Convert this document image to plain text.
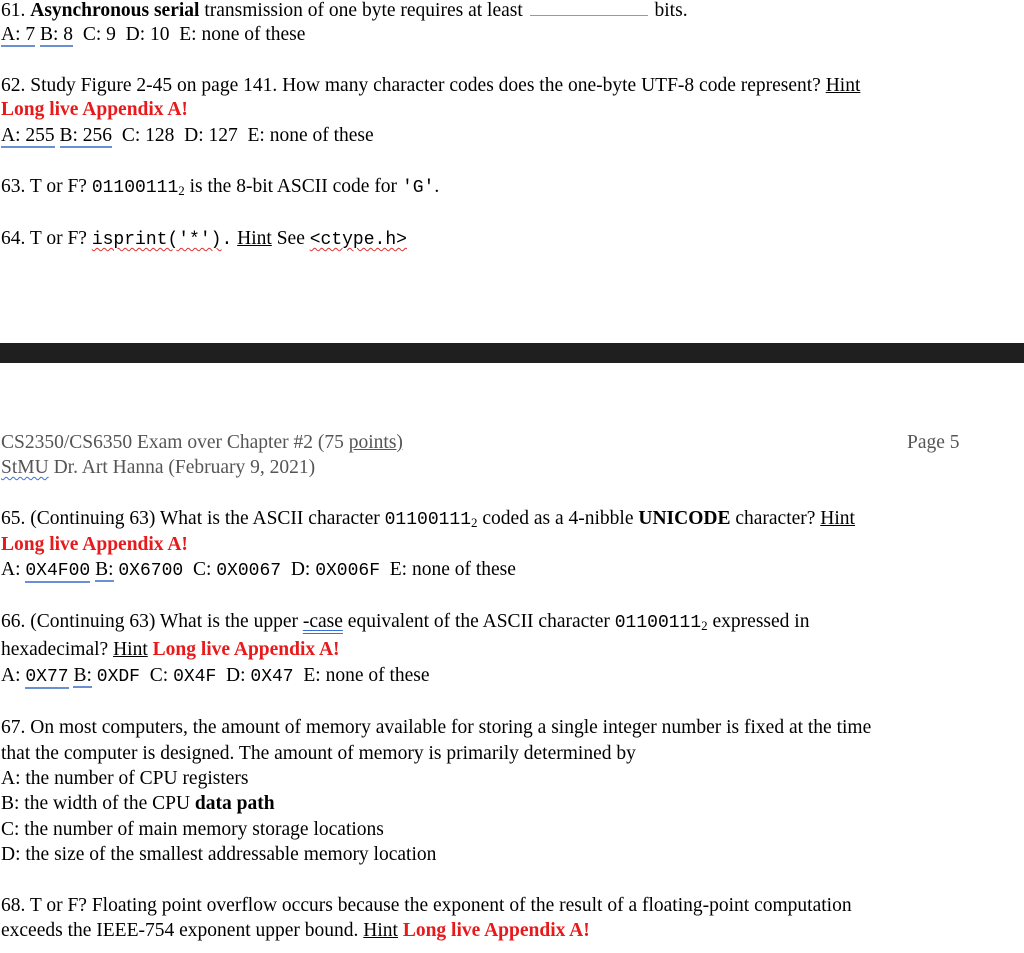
61. Asynchronous serial transmission of one byte requires at least	bits.
A: 7 B: 8 C: 9 D: 10 E: none of these
62. Study Figure 2-45 on page 141. How many character codes does the one-byte UTF-8 code represent? Hint
Long live Appendix A!
A: 255 B: 256 C: 128 D: 127 E: none of these
63. T or F? $01100111_2$ is the 8-bit ASCII code for 'G'.
64. T or F? isprint('*'). Hint See <ctype.h>
CS2350/CS6350 Exam over Chapter #2 (75 points)	Page 5
StMU Dr. Art Hanna (February 9, 2021)
65. (Continuing 63) What is the ASCII character $01100111_2$ coded as a 4-nibble UNICODE character? Hint
Long live Appendix A!
A: 0X4F00 B: 0X6700 C: 0X0067 D: 0X006F E: none of these
66. (Continuing 63) What is the upper -case equivalent of the ASCII character $01100111_2$ expressed in
hexadecimal? Hint Long live Appendix A!
A: 0X77 B: 0XDF C: 0X4F D: 0X47 E: none of these
67. On most computers, the amount of memory available for storing a single integer number is fixed at the time
that the computer is designed. The amount of memory is primarily determined by
A: the number of CPU registers
B: the width of the CPU data path
C: the number of main memory storage locations
D: the size of the smallest addressable memory location
68. T or F? Floating point overflow occurs because the exponent of the result of a floating-point computation
exceeds the IEEE-754 exponent upper bound. Hint Long live Appendix A!
